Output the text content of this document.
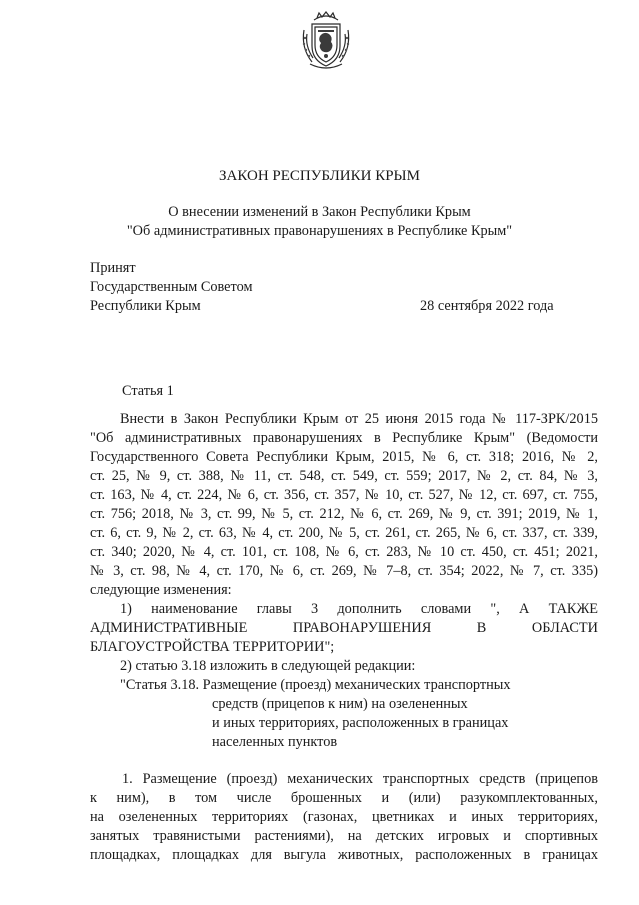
ЗАКОН РЕСПУБЛИКИ КРЫМ
О внесении изменений в Закон Республики Крым
"Об административных правонарушениях в Республике Крым"
Принят
Государственным Советом
Республики Крым	28 сентября 2022 года
Статья 1
Внести в Закон Республики Крым от 25 июня 2015 года № 117-ЗРК/2015
"Об административных правонарушениях в Республике Крым" (Ведомости
Государственного Совета Республики Крым, 2015, № 6, ст. 318; 2016, № 2,
ст. 25, № 9, ст. 388, № 11, ст. 548, ст. 549, ст. 559; 2017, № 2, ст. 84, № 3,
ст. 163, № 4, ст. 224, № 6, ст. 356, ст. 357, № 10, ст. 527, № 12, ст. 697, ст. 755,
ст. 756; 2018, № 3, ст. 99, № 5, ст. 212, № 6, ст. 269, № 9, ст. 391; 2019, № 1,
ст. 6, ст. 9, № 2, ст. 63, № 4, ст. 200, № 5, ст. 261, ст. 265, № 6, ст. 337, ст. 339,
ст. 340; 2020, № 4, ст. 101, ст. 108, № 6, ст. 283, № 10 ст. 450, ст. 451; 2021,
№ 3, ст. 98, № 4, ст. 170, № 6, ст. 269, № 7–8, ст. 354; 2022, № 7, ст. 335)
следующие изменения:
1) наименование главы 3 дополнить словами ", А ТАКЖЕ
АДМИНИСТРАТИВНЫЕ ПРАВОНАРУШЕНИЯ В ОБЛАСТИ
БЛАГОУСТРОЙСТВА ТЕРРИТОРИИ";
2) статью 3.18 изложить в следующей редакции:
"Статья 3.18. Размещение (проезд) механических транспортных
средств (прицепов к ним) на озелененных
и иных территориях, расположенных в границах
населенных пунктов
1. Размещение (проезд) механических транспортных средств (прицепов
к ним), в том числе брошенных и (или) разукомплектованных,
на озелененных территориях (газонах, цветниках и иных территориях,
занятых травянистыми растениями), на детских игровых и спортивных
площадках, площадках для выгула животных, расположенных в границах
